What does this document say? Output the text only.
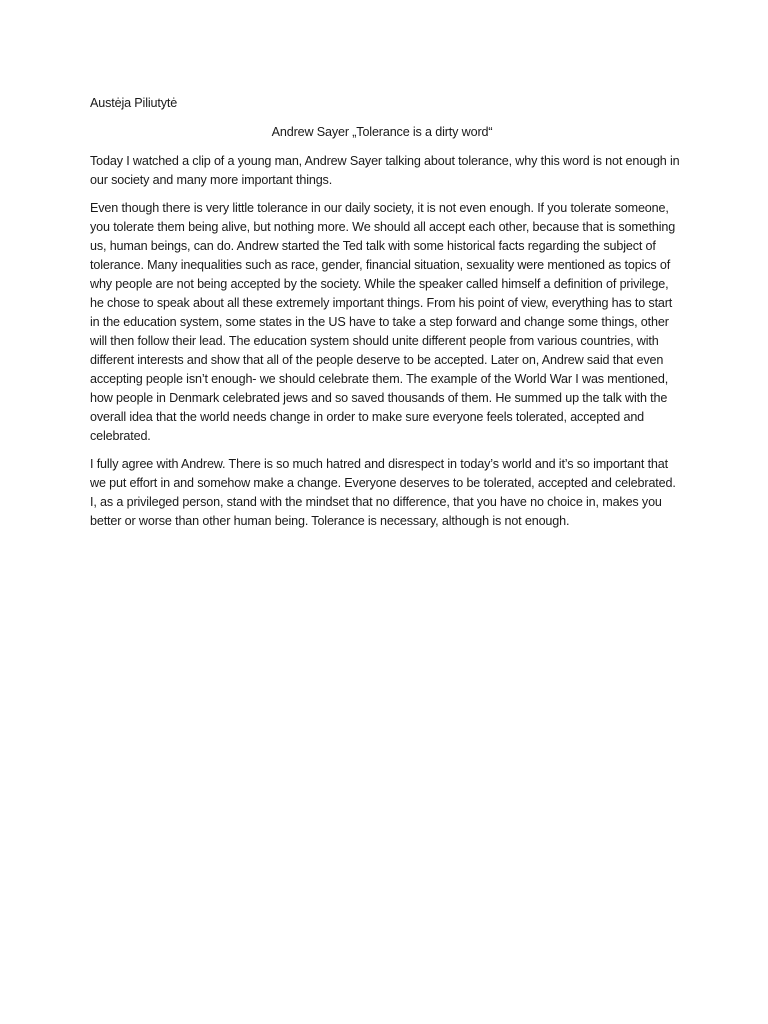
Austėja Piliutytė

Andrew Sayer „Tolerance is a dirty word“

Today I watched a clip of a young man, Andrew Sayer talking about tolerance, why this word is not enough in our society and many more important things.

Even though there is very little tolerance in our daily society, it is not even enough. If you tolerate someone, you tolerate them being alive, but nothing more. We should all accept each other, because that is something us, human beings, can do. Andrew started the Ted talk with some historical facts regarding the subject of tolerance. Many inequalities such as race, gender, financial situation, sexuality were mentioned as topics of why people are not being accepted by the society. While the speaker called himself a definition of privilege, he chose to speak about all these extremely important things. From his point of view, everything has to start in the education system, some states in the US have to take a step forward and change some things, other will then follow their lead. The education system should unite different people from various countries, with different interests and show that all of the people deserve to be accepted. Later on, Andrew said that even accepting people isn’t enough- we should celebrate them. The example of the World War I was mentioned, how people in Denmark celebrated jews and so saved thousands of them. He summed up the talk with the overall idea that the world needs change in order to make sure everyone feels tolerated, accepted and celebrated.

I fully agree with Andrew. There is so much hatred and disrespect in today’s world and it’s so important that we put effort in and somehow make a change. Everyone deserves to be tolerated, accepted and celebrated. I, as a privileged person, stand with the mindset that no difference, that you have no choice in, makes you better or worse than other human being. Tolerance is necessary, although is not enough.
